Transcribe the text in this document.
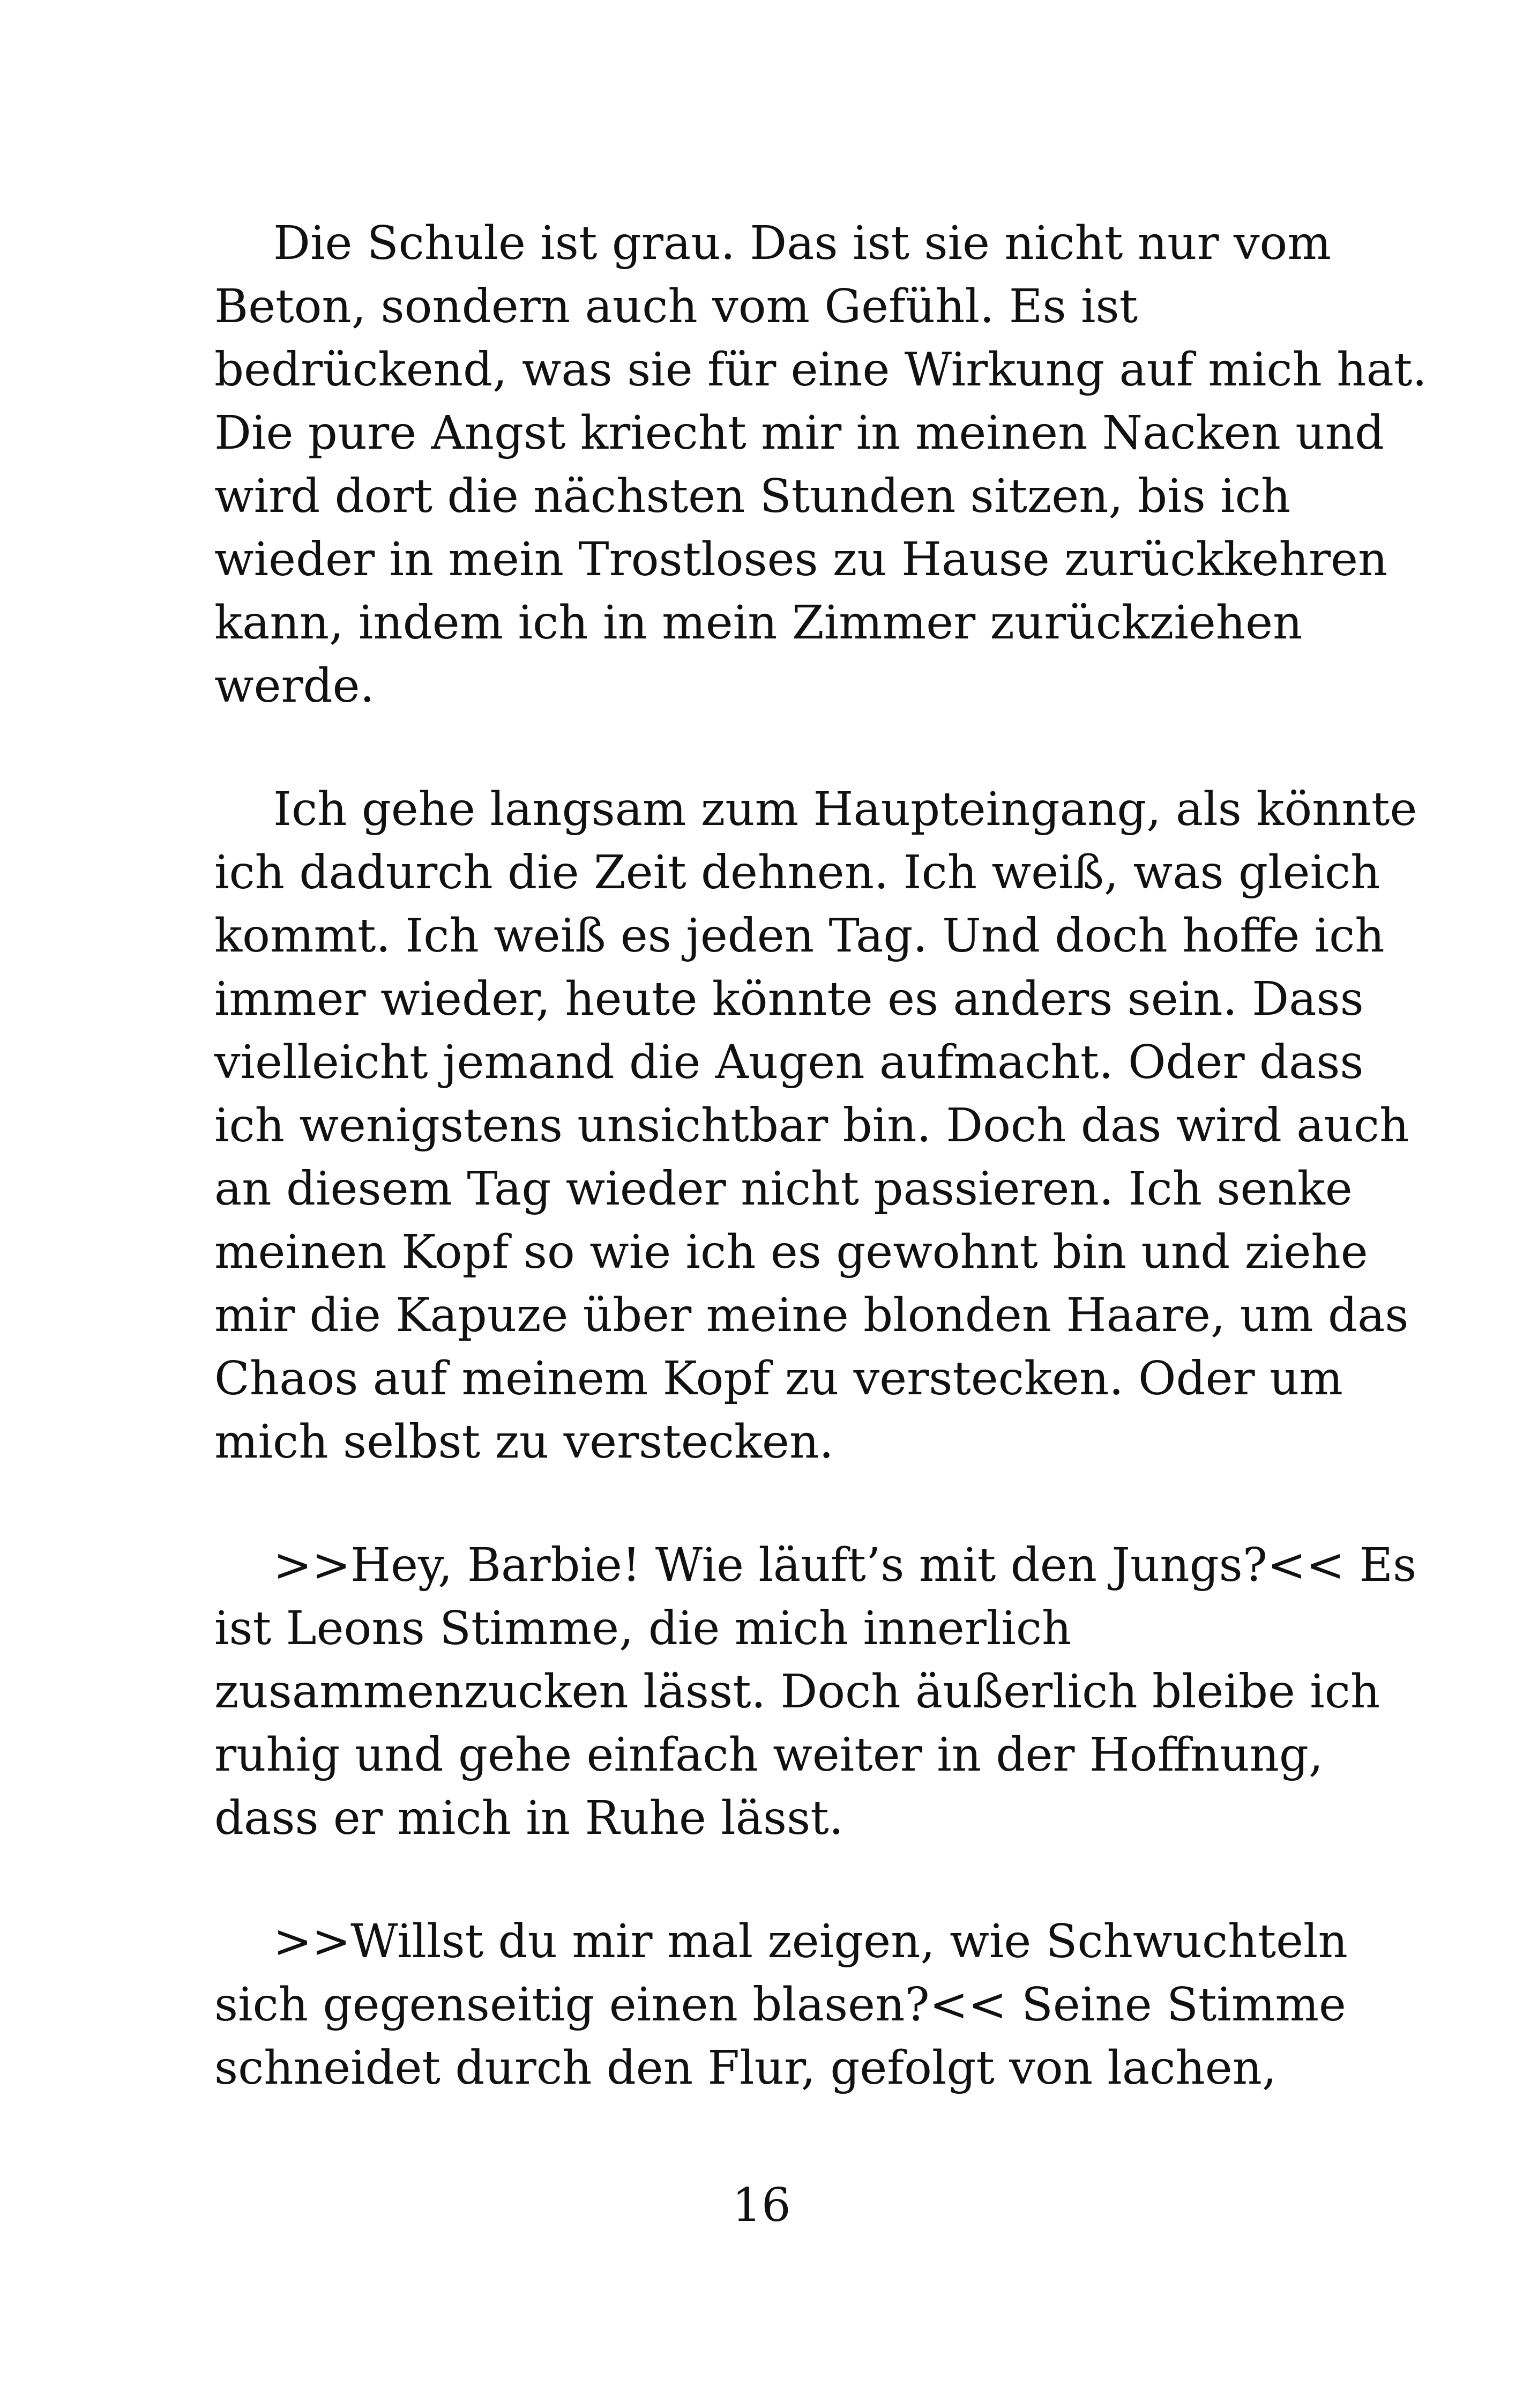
Die Schule ist grau. Das ist sie nicht nur vom
Beton, sondern auch vom Gefühl. Es ist
bedrückend, was sie für eine Wirkung auf mich hat.
Die pure Angst kriecht mir in meinen Nacken und
wird dort die nächsten Stunden sitzen, bis ich
wieder in mein Trostloses zu Hause zurückkehren
kann, indem ich in mein Zimmer zurückziehen
werde.

Ich gehe langsam zum Haupteingang, als könnte
ich dadurch die Zeit dehnen. Ich weiß, was gleich
kommt. Ich weiß es jeden Tag. Und doch hoffe ich
immer wieder, heute könnte es anders sein. Dass
vielleicht jemand die Augen aufmacht. Oder dass
ich wenigstens unsichtbar bin. Doch das wird auch
an diesem Tag wieder nicht passieren. Ich senke
meinen Kopf so wie ich es gewohnt bin und ziehe
mir die Kapuze über meine blonden Haare, um das
Chaos auf meinem Kopf zu verstecken. Oder um
mich selbst zu verstecken.

>>Hey, Barbie! Wie läuft’s mit den Jungs?<< Es
ist Leons Stimme, die mich innerlich
zusammenzucken lässt. Doch äußerlich bleibe ich
ruhig und gehe einfach weiter in der Hoffnung,
dass er mich in Ruhe lässt.

>>Willst du mir mal zeigen, wie Schwuchteln
sich gegenseitig einen blasen?<< Seine Stimme
schneidet durch den Flur, gefolgt von lachen,

16
